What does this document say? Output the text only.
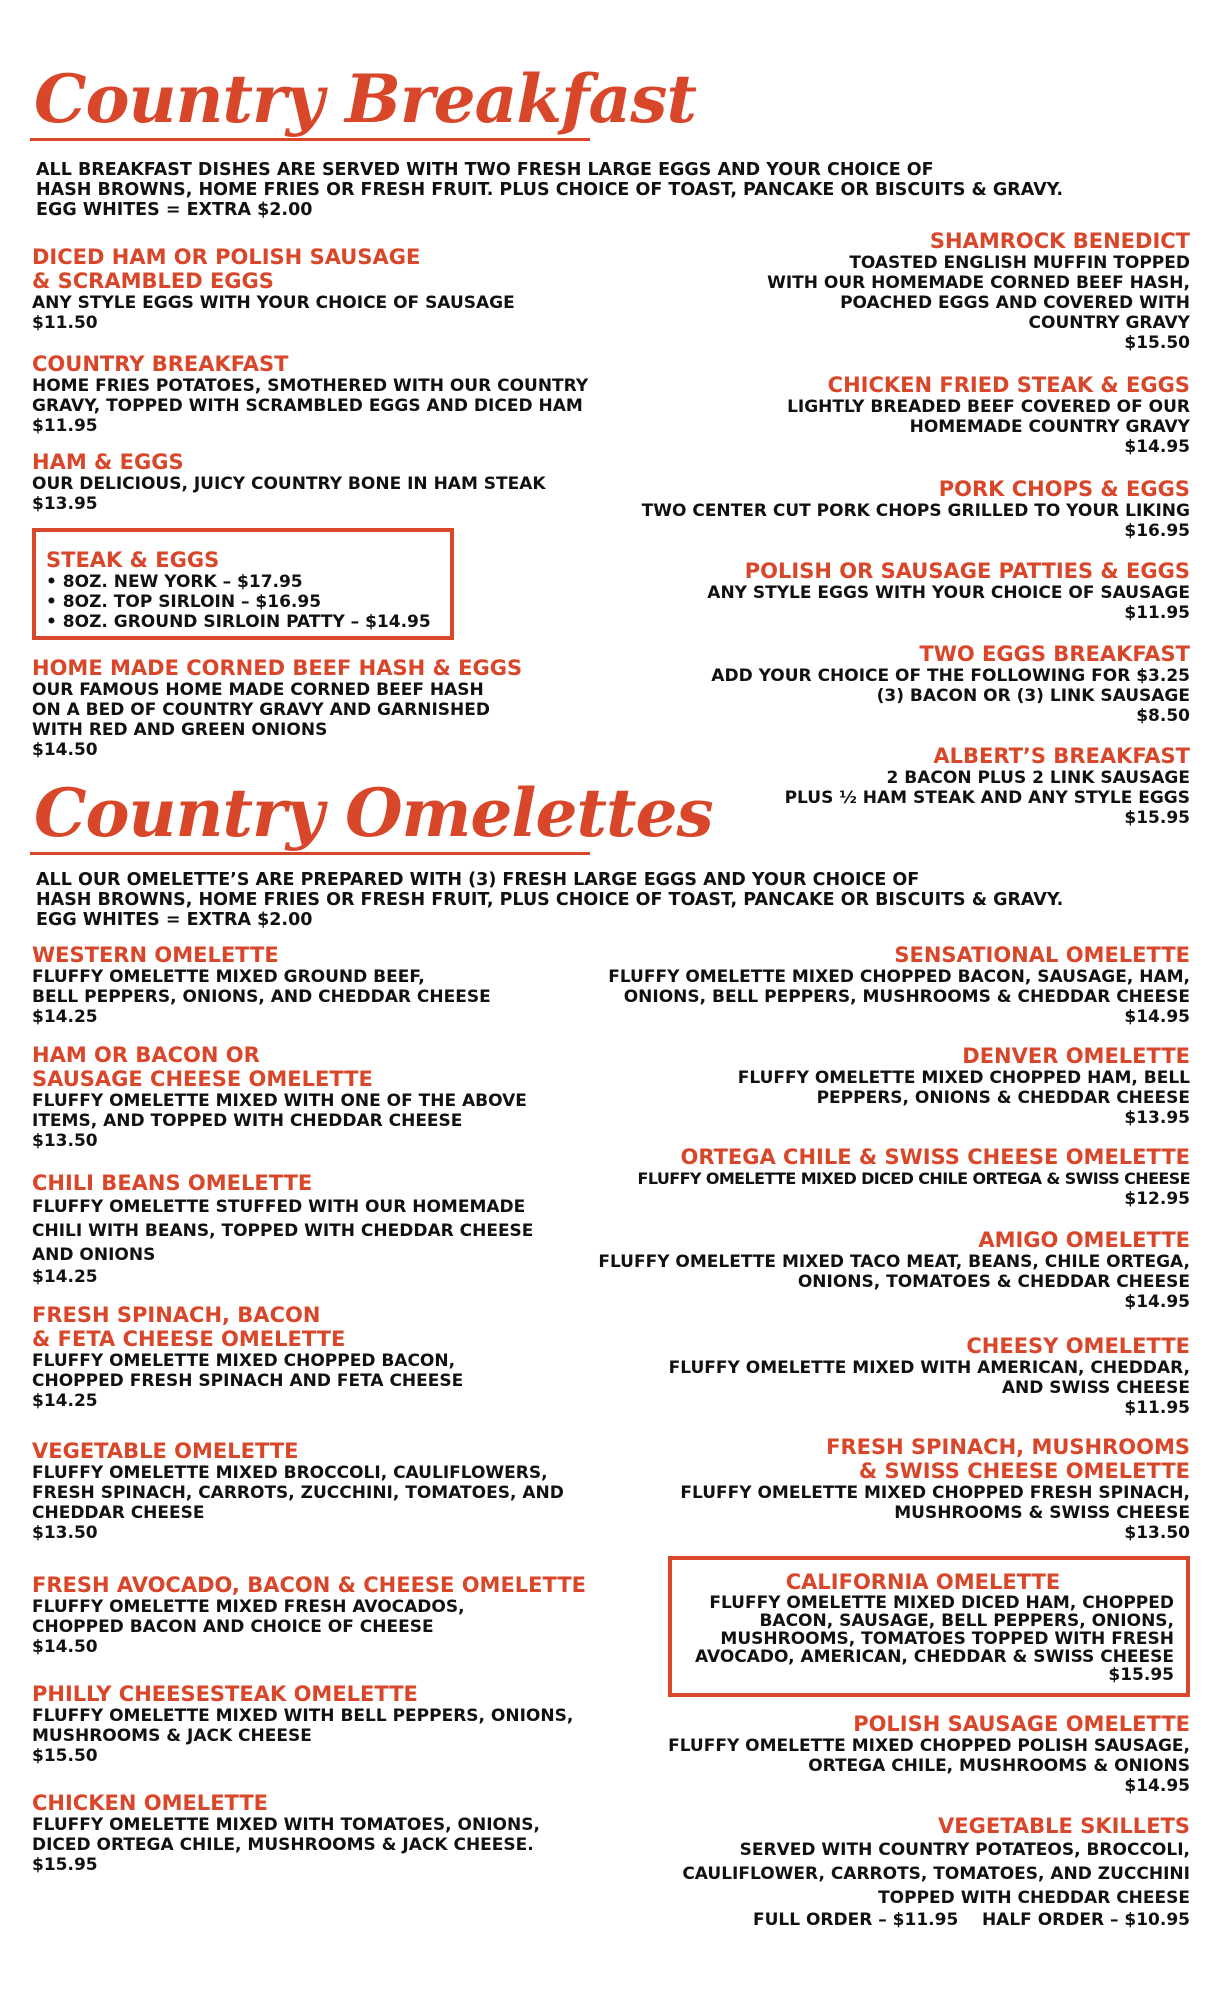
Country Breakfast
ALL BREAKFAST DISHES ARE SERVED WITH TWO FRESH LARGE EGGS AND YOUR CHOICE OF
HASH BROWNS, HOME FRIES OR FRESH FRUIT. PLUS CHOICE OF TOAST, PANCAKE OR BISCUITS & GRAVY.
EGG WHITES = EXTRA $2.00
DICED HAM OR POLISH SAUSAGE
& SCRAMBLED EGGS
ANY STYLE EGGS WITH YOUR CHOICE OF SAUSAGE
$11.50
COUNTRY BREAKFAST
HOME FRIES POTATOES, SMOTHERED WITH OUR COUNTRY
GRAVY, TOPPED WITH SCRAMBLED EGGS AND DICED HAM
$11.95
HAM & EGGS
OUR DELICIOUS, JUICY COUNTRY BONE IN HAM STEAK
$13.95
STEAK & EGGS
• 8OZ. NEW YORK – $17.95
• 8OZ. TOP SIRLOIN – $16.95
• 8OZ. GROUND SIRLOIN PATTY – $14.95
HOME MADE CORNED BEEF HASH & EGGS
OUR FAMOUS HOME MADE CORNED BEEF HASH
ON A BED OF COUNTRY GRAVY AND GARNISHED
WITH RED AND GREEN ONIONS
$14.50
SHAMROCK BENEDICT
TOASTED ENGLISH MUFFIN TOPPED
WITH OUR HOMEMADE CORNED BEEF HASH,
POACHED EGGS AND COVERED WITH
COUNTRY GRAVY
$15.50
CHICKEN FRIED STEAK & EGGS
LIGHTLY BREADED BEEF COVERED OF OUR
HOMEMADE COUNTRY GRAVY
$14.95
PORK CHOPS & EGGS
TWO CENTER CUT PORK CHOPS GRILLED TO YOUR LIKING
$16.95
POLISH OR SAUSAGE PATTIES & EGGS
ANY STYLE EGGS WITH YOUR CHOICE OF SAUSAGE
$11.95
TWO EGGS BREAKFAST
ADD YOUR CHOICE OF THE FOLLOWING FOR $3.25
(3) BACON OR (3) LINK SAUSAGE
$8.50
ALBERT’S BREAKFAST
2 BACON PLUS 2 LINK SAUSAGE
PLUS ½ HAM STEAK AND ANY STYLE EGGS
$15.95
Country Omelettes
ALL OUR OMELETTE’S ARE PREPARED WITH (3) FRESH LARGE EGGS AND YOUR CHOICE OF
HASH BROWNS, HOME FRIES OR FRESH FRUIT, PLUS CHOICE OF TOAST, PANCAKE OR BISCUITS & GRAVY.
EGG WHITES = EXTRA $2.00
WESTERN OMELETTE
FLUFFY OMELETTE MIXED GROUND BEEF,
BELL PEPPERS, ONIONS, AND CHEDDAR CHEESE
$14.25
HAM OR BACON OR
SAUSAGE CHEESE OMELETTE
FLUFFY OMELETTE MIXED WITH ONE OF THE ABOVE
ITEMS, AND TOPPED WITH CHEDDAR CHEESE
$13.50
CHILI BEANS OMELETTE
FLUFFY OMELETTE STUFFED WITH OUR HOMEMADE
CHILI WITH BEANS, TOPPED WITH CHEDDAR CHEESE
AND ONIONS
$14.25
FRESH SPINACH, BACON
& FETA CHEESE OMELETTE
FLUFFY OMELETTE MIXED CHOPPED BACON,
CHOPPED FRESH SPINACH AND FETA CHEESE
$14.25
VEGETABLE OMELETTE
FLUFFY OMELETTE MIXED BROCCOLI, CAULIFLOWERS,
FRESH SPINACH, CARROTS, ZUCCHINI, TOMATOES, AND
CHEDDAR CHEESE
$13.50
FRESH AVOCADO, BACON & CHEESE OMELETTE
FLUFFY OMELETTE MIXED FRESH AVOCADOS,
CHOPPED BACON AND CHOICE OF CHEESE
$14.50
PHILLY CHEESESTEAK OMELETTE
FLUFFY OMELETTE MIXED WITH BELL PEPPERS, ONIONS,
MUSHROOMS & JACK CHEESE
$15.50
CHICKEN OMELETTE
FLUFFY OMELETTE MIXED WITH TOMATOES, ONIONS,
DICED ORTEGA CHILE, MUSHROOMS & JACK CHEESE.
$15.95
SENSATIONAL OMELETTE
FLUFFY OMELETTE MIXED CHOPPED BACON, SAUSAGE, HAM,
ONIONS, BELL PEPPERS, MUSHROOMS & CHEDDAR CHEESE
$14.95
DENVER OMELETTE
FLUFFY OMELETTE MIXED CHOPPED HAM, BELL
PEPPERS, ONIONS & CHEDDAR CHEESE
$13.95
ORTEGA CHILE & SWISS CHEESE OMELETTE
FLUFFY OMELETTE MIXED DICED CHILE ORTEGA & SWISS CHEESE
$12.95
AMIGO OMELETTE
FLUFFY OMELETTE MIXED TACO MEAT, BEANS, CHILE ORTEGA,
ONIONS, TOMATOES & CHEDDAR CHEESE
$14.95
CHEESY OMELETTE
FLUFFY OMELETTE MIXED WITH AMERICAN, CHEDDAR,
AND SWISS CHEESE
$11.95
FRESH SPINACH, MUSHROOMS
& SWISS CHEESE OMELETTE
FLUFFY OMELETTE MIXED CHOPPED FRESH SPINACH,
MUSHROOMS & SWISS CHEESE
$13.50
CALIFORNIA OMELETTE
FLUFFY OMELETTE MIXED DICED HAM, CHOPPED
BACON, SAUSAGE, BELL PEPPERS, ONIONS,
MUSHROOMS, TOMATOES TOPPED WITH FRESH
AVOCADO, AMERICAN, CHEDDAR & SWISS CHEESE
$15.95
POLISH SAUSAGE OMELETTE
FLUFFY OMELETTE MIXED CHOPPED POLISH SAUSAGE,
ORTEGA CHILE, MUSHROOMS & ONIONS
$14.95
VEGETABLE SKILLETS
SERVED WITH COUNTRY POTATEOS, BROCCOLI,
CAULIFLOWER, CARROTS, TOMATOES, AND ZUCCHINI
TOPPED WITH CHEDDAR CHEESE
FULL ORDER – $11.95    HALF ORDER – $10.95
